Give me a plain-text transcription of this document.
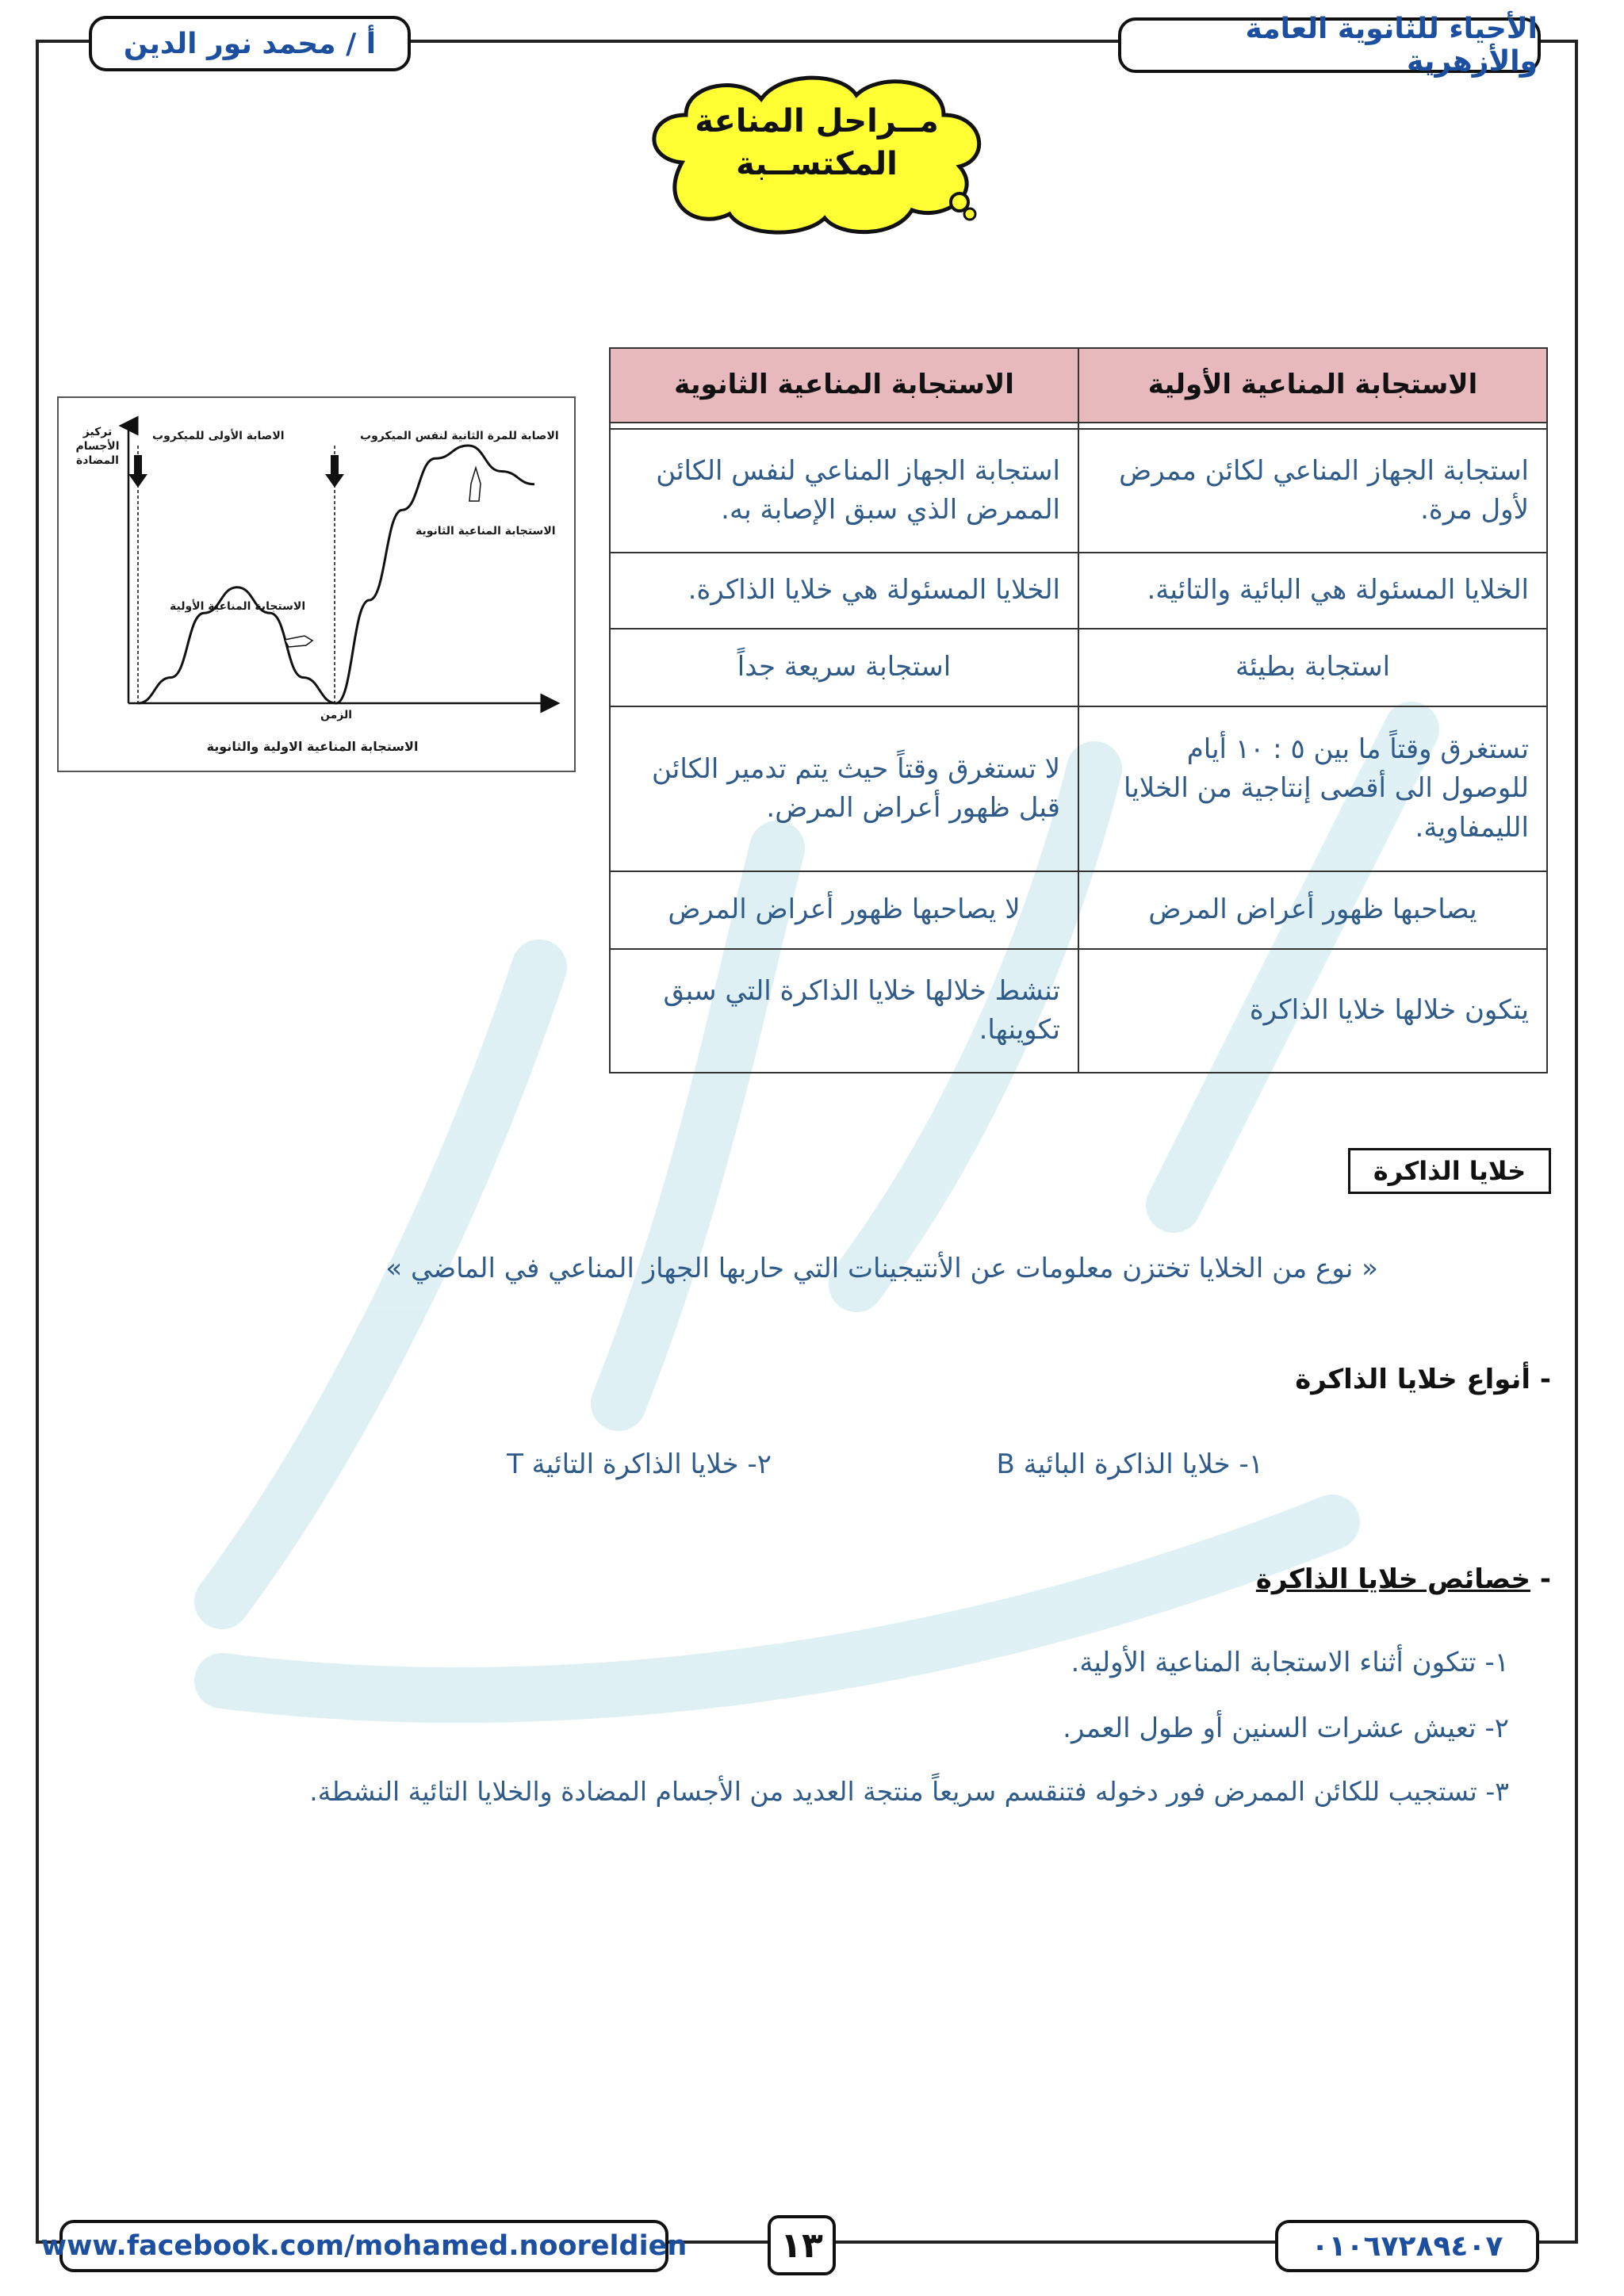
الأحياء للثانوية العامة والأزهرية
أ / محمد نور الدين
مــراحل المناعة
المكتســبة
تركيز الأجسام المضادة
الاصابة الأولى للميكروب	الاصابة للمرة الثانية لنفس الميكروب
الاستجابة المناعية الثانوية
الاستجابة المناعية الأولية
الزمن
الاستجابة المناعية الاولية والثانوية
الاستجابة المناعية الأولية	الاستجابة المناعية الثانوية

استجابة الجهاز المناعي لكائن ممرض لأول مرة.	استجابة الجهاز المناعي لنفس الكائن الممرض الذي سبق الإصابة به.
الخلايا المسئولة هي البائية والتائية.	الخلايا المسئولة هي خلايا الذاكرة.
استجابة بطيئة	استجابة سريعة جداً
تستغرق وقتاً ما بين ٥ : ١٠ أيام للوصول الى أقصى إنتاجية من الخلايا الليمفاوية.	لا تستغرق وقتاً حيث يتم تدمير الكائن قبل ظهور أعراض المرض.
يصاحبها ظهور أعراض المرض	لا يصاحبها ظهور أعراض المرض
يتكون خلالها خلايا الذاكرة	تنشط خلالها خلايا الذاكرة التي سبق تكوينها.
خلايا الذاكرة
« نوع من الخلايا تختزن معلومات عن الأنتيجينات التي حاربها الجهاز المناعي في الماضي »
- أنواع خلايا الذاكرة
١- خلايا الذاكرة البائية B
٢- خلايا الذاكرة التائية T
- خصائص خلايا الذاكرة
١- تتكون أثناء الاستجابة المناعية الأولية.
٢- تعيش عشرات السنين أو طول العمر.
٣- تستجيب للكائن الممرض فور دخوله فتنقسم سريعاً منتجة العديد من الأجسام المضادة والخلايا التائية النشطة.
www.facebook.com/mohamed.nooreldien	١٣	٠١٠٦٧٢٨٩٤٠٧
